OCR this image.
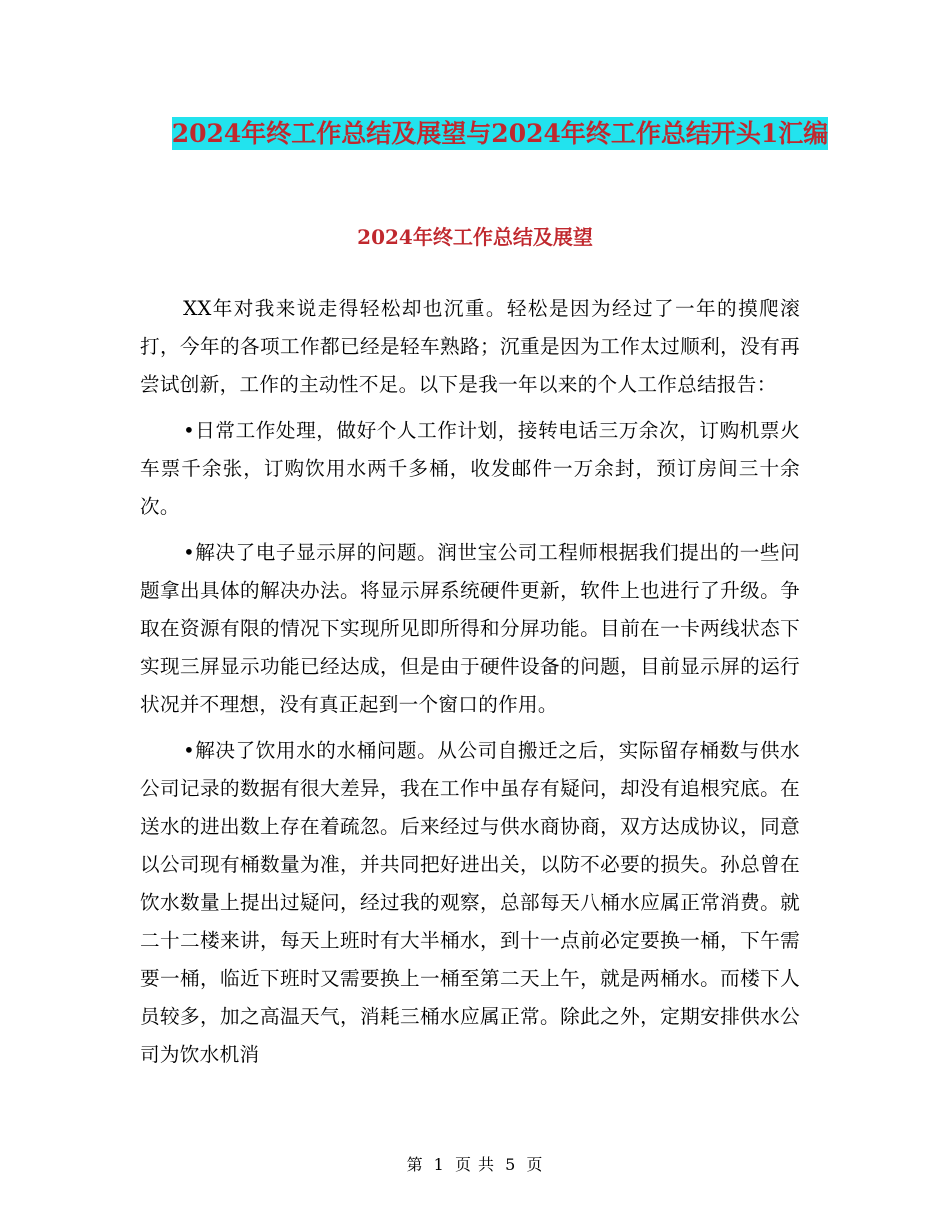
2024年终工作总结及展望与2024年终工作总结开头1汇编
2024年终工作总结及展望

XX年对我来说走得轻松却也沉重。轻松是因为经过了一年的摸爬滚打，今年的各项工作都已经是轻车熟路；沉重是因为工作太过顺利，没有再尝试创新，工作的主动性不足。以下是我一年以来的个人工作总结报告：

•日常工作处理，做好个人工作计划，接转电话三万余次，订购机票火车票千余张，订购饮用水两千多桶，收发邮件一万余封，预订房间三十余次。

•解决了电子显示屏的问题。润世宝公司工程师根据我们提出的一些问题拿出具体的解决办法。将显示屏系统硬件更新，软件上也进行了升级。争取在资源有限的情况下实现所见即所得和分屏功能。目前在一卡两线状态下实现三屏显示功能已经达成，但是由于硬件设备的问题，目前显示屏的运行状况并不理想，没有真正起到一个窗口的作用。

•解决了饮用水的水桶问题。从公司自搬迁之后，实际留存桶数与供水公司记录的数据有很大差异，我在工作中虽存有疑问，却没有追根究底。在送水的进出数上存在着疏忽。后来经过与供水商协商，双方达成协议，同意以公司现有桶数量为准，并共同把好进出关，以防不必要的损失。孙总曾在饮水数量上提出过疑问，经过我的观察，总部每天八桶水应属正常消费。就二十二楼来讲，每天上班时有大半桶水，到十一点前必定要换一桶，下午需要一桶，临近下班时又需要换上一桶至第二天上午，就是两桶水。而楼下人员较多，加之高温天气，消耗三桶水应属正常。除此之外，定期安排供水公司为饮水机消

第 1 页 共 5 页
